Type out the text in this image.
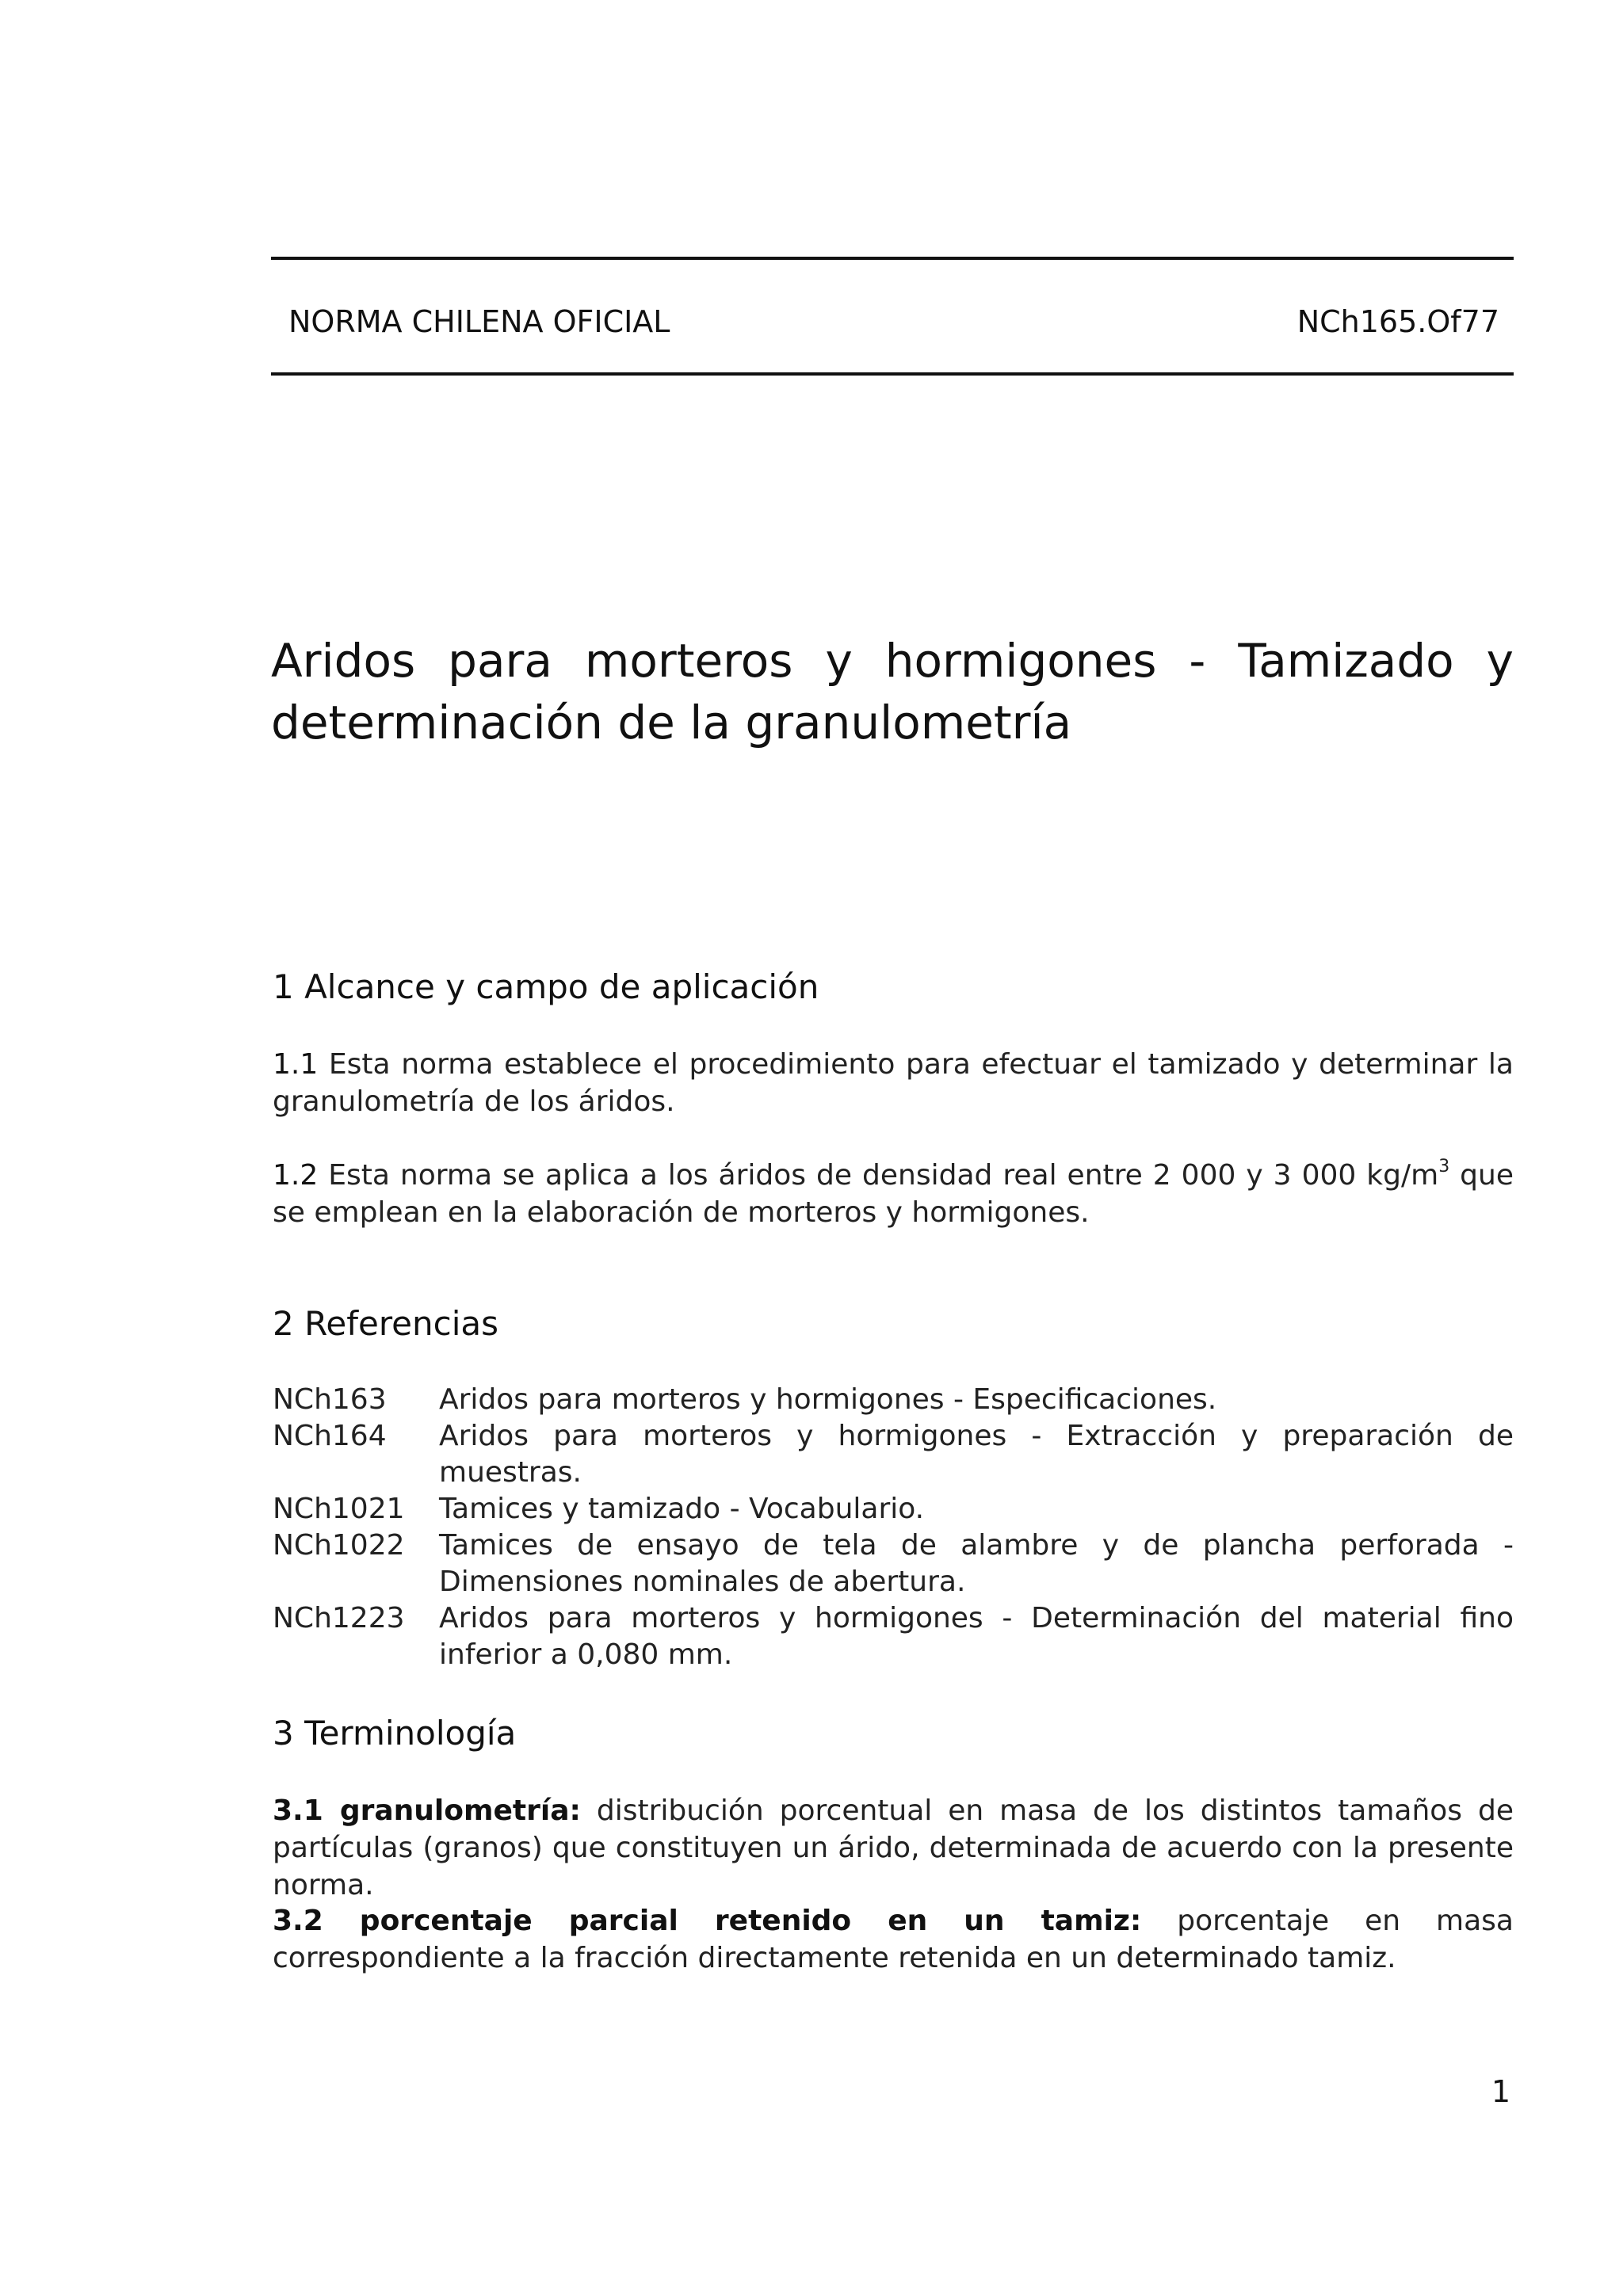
NORMA CHILENA OFICIAL	NCh165.Of77
Aridos para morteros y hormigones - Tamizado y
determinación de la granulometría
1 Alcance y campo de aplicación
1.1 Esta norma establece el procedimiento para efectuar el tamizado y determinar la granulometría de los áridos.
1.2 Esta norma se aplica a los áridos de densidad real entre 2 000 y 3 000 $kg/m^3$ que se emplean en la elaboración de morteros y hormigones.
2 Referencias
NCh163	Aridos para morteros y hormigones - Especificaciones.
NCh164	Aridos para morteros y hormigones - Extracción y preparación de muestras.
NCh1021	Tamices y tamizado - Vocabulario.
NCh1022	Tamices de ensayo de tela de alambre y de plancha perforada - Dimensiones nominales de abertura.
NCh1223	Aridos para morteros y hormigones - Determinación del material fino inferior a 0,080 mm.
3 Terminología
3.1 granulometría: distribución porcentual en masa de los distintos tamaños de partículas (granos) que constituyen un árido, determinada de acuerdo con la presente norma.
3.2 porcentaje parcial retenido en un tamiz: porcentaje en masa correspondiente a la fracción directamente retenida en un determinado tamiz.
1
